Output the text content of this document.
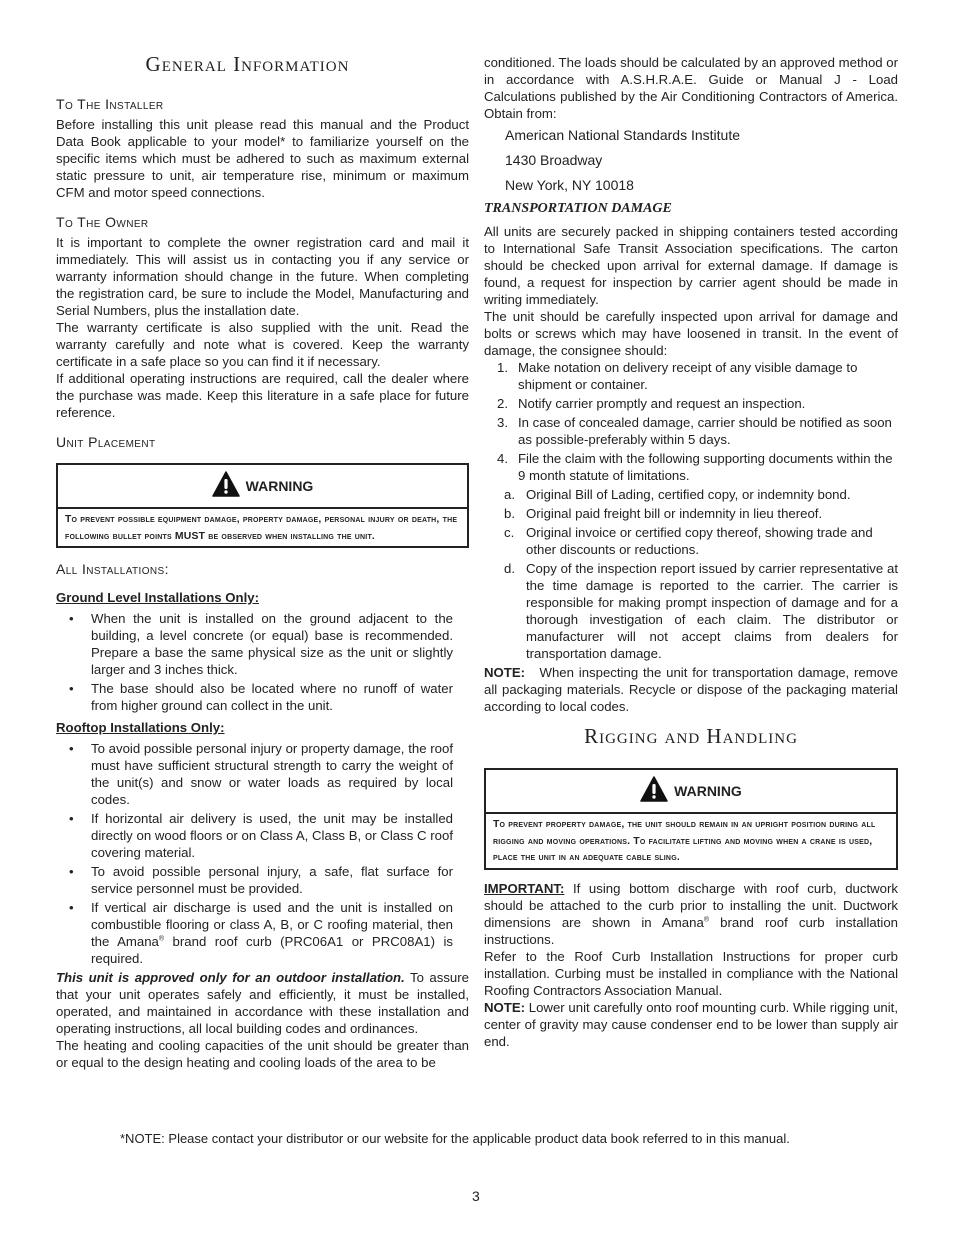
General Information
To The Installer

Before installing this unit please read this manual and the Product Data Book applicable to your model* to familiarize yourself on the specific items which must be adhered to such as maximum external static pressure to unit, air temperature rise, minimum or maximum CFM and motor speed connections.

To The Owner

It is important to complete the owner registration card and mail it immediately. This will assist us in contacting you if any service or warranty information should change in the future. When completing the registration card, be sure to include the Model, Manufacturing and Serial Numbers, plus the installation date.

The warranty certificate is also supplied with the unit. Read the warranty carefully and note what is covered. Keep the warranty certificate in a safe place so you can find it if necessary.

If additional operating instructions are required, call the dealer where the purchase was made. Keep this literature in a safe place for future reference.

Unit Placement
WARNING
To prevent possible equipment damage, property damage, personal injury or death, the following bullet points MUST be observed when installing the unit.
All Installations:
Ground Level Installations Only:
• When the unit is installed on the ground adjacent to the building, a level concrete (or equal) base is recommended. Prepare a base the same physical size as the unit or slightly larger and 3 inches thick.
• The base should also be located where no runoff of water from higher ground can collect in the unit.
Rooftop Installations Only:
• To avoid possible personal injury or property damage, the roof must have sufficient structural strength to carry the weight of the unit(s) and snow or water loads as required by local codes.
• If horizontal air delivery is used, the unit may be installed directly on wood floors or on Class A, Class B, or Class C roof covering material.
• To avoid possible personal injury, a safe, flat surface for service personnel must be provided.
• If vertical air discharge is used and the unit is installed on combustible flooring or class A, B, or C roofing material, then the Amana® brand roof curb (PRC06A1 or PRC08A1) is required.

This unit is approved only for an outdoor installation. To assure that your unit operates safely and efficiently, it must be installed, operated, and maintained in accordance with these installation and operating instructions, all local building codes and ordinances.

The heating and cooling capacities of the unit should be greater than or equal to the design heating and cooling loads of the area to be

conditioned. The loads should be calculated by an approved method or in accordance with A.S.H.R.A.E. Guide or Manual J - Load Calculations published by the Air Conditioning Contractors of America. Obtain from:

American National Standards Institute
1430 Broadway
New York, NY 10018
TRANSPORTATION DAMAGE

All units are securely packed in shipping containers tested according to International Safe Transit Association specifications. The carton should be checked upon arrival for external damage. If damage is found, a request for inspection by carrier agent should be made in writing immediately.

The unit should be carefully inspected upon arrival for damage and bolts or screws which may have loosened in transit. In the event of damage, the consignee should:

1. Make notation on delivery receipt of any visible damage to shipment or container.
2. Notify carrier promptly and request an inspection.
3. In case of concealed damage, carrier should be notified as soon as possible-preferably within 5 days.
4. File the claim with the following supporting documents within the 9 month statute of limitations.
a. Original Bill of Lading, certified copy, or indemnity bond.
b. Original paid freight bill or indemnity in lieu thereof.
c. Original invoice or certified copy thereof, showing trade and other discounts or reductions.
d. Copy of the inspection report issued by carrier representative at the time damage is reported to the carrier. The carrier is responsible for making prompt inspection of damage and for a thorough investigation of each claim. The distributor or manufacturer will not accept claims from dealers for transportation damage.

NOTE: When inspecting the unit for transportation damage, remove all packaging materials. Recycle or dispose of the packaging material according to local codes.

Rigging and Handling
WARNING
To prevent property damage, the unit should remain in an upright position during all rigging and moving operations. To facilitate lifting and moving when a crane is used, place the unit in an adequate cable sling.

IMPORTANT: If using bottom discharge with roof curb, ductwork should be attached to the curb prior to installing the unit. Ductwork dimensions are shown in Amana® brand roof curb installation instructions.

Refer to the Roof Curb Installation Instructions for proper curb installation. Curbing must be installed in compliance with the National Roofing Contractors Association Manual.

NOTE: Lower unit carefully onto roof mounting curb. While rigging unit, center of gravity may cause condenser end to be lower than supply air end.

*NOTE: Please contact your distributor or our website for the applicable product data book referred to in this manual.
3
